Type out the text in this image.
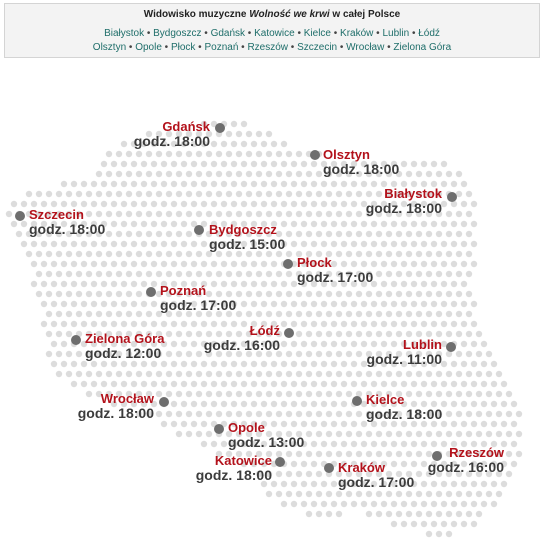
Widowisko muzyczne Wolność we krwi w całej Polsce
Białystok • Bydgoszcz • Gdańsk • Katowice • Kielce • Kraków • Lublin • Łódź
Olsztyn • Opole • Płock • Poznań • Rzeszów • Szczecin • Wrocław • Zielona Góra
Gdańsk
godz. 18:00
Olsztyn
godz. 18:00
Białystok
godz. 18:00
Szczecin
godz. 18:00	Bydgoszcz
godz. 15:00
Płock
godz. 17:00
Poznań
godz. 17:00
Zielona Góra
godz. 12:00
Łódź
godz. 16:00	Lublin
godz. 11:00
Wrocław
godz. 18:00
Kielce
godz. 18:00
Opole
godz. 13:00
Katowice
godz. 18:00	Kraków
godz. 17:00
Rzeszów
godz. 16:00
